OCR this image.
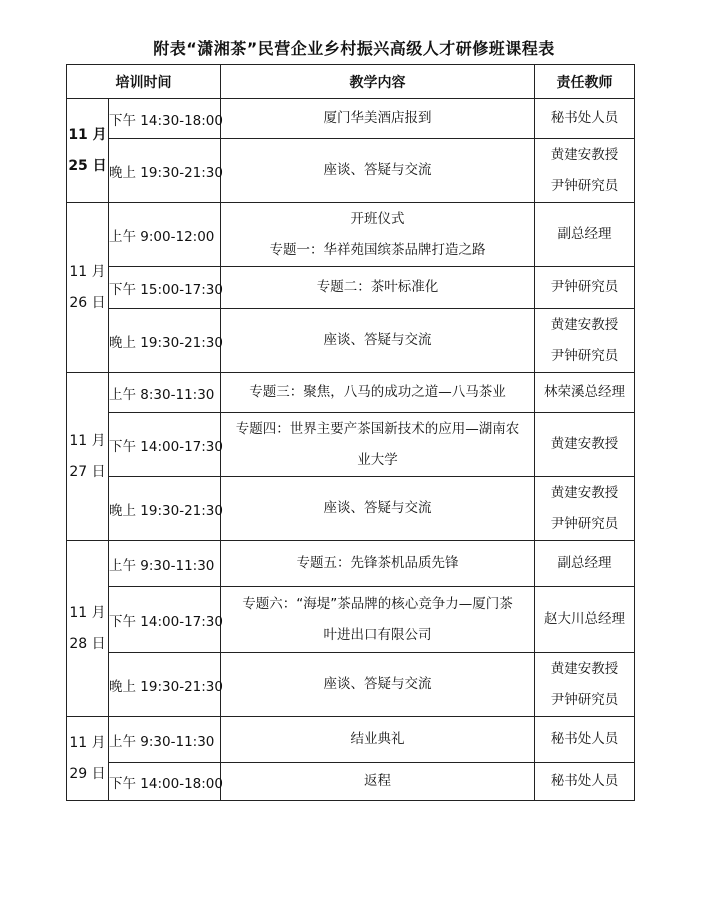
附表“潇湘茶”民营企业乡村振兴高级人才研修班课程表
培训时间		教学内容	责任教师

11 月
25 日	下午 14:30-18:00	厦门华美酒店报到	秘书处人员

	晚上 19:30-21:30	座谈、答疑与交流	黄建安教授
尹钟研究员

11 月
26 日	上午 9:00-12:00	开班仪式
专题一：华祥苑国缤茶品牌打造之路	副总经理

	下午 15:00-17:30	专题二：茶叶标准化	尹钟研究员

	晚上 19:30-21:30	座谈、答疑与交流	黄建安教授
尹钟研究员

11 月
27 日	上午 8:30-11:30	专题三：聚焦，八马的成功之道—八马茶业	林荣溪总经理

	下午 14:00-17:30	专题四：世界主要产茶国新技术的应用—湖南农
业大学	黄建安教授

	晚上 19:30-21:30	座谈、答疑与交流	黄建安教授
尹钟研究员

11 月
28 日	上午 9:30-11:30	专题五：先锋茶机品质先锋	副总经理

	下午 14:00-17:30	专题六：“海堤”茶品牌的核心竞争力—厦门茶
叶进出口有限公司	赵大川总经理

	晚上 19:30-21:30	座谈、答疑与交流	黄建安教授
尹钟研究员

11 月
29 日	上午 9:30-11:30	结业典礼	秘书处人员

	下午 14:00-18:00	返程	秘书处人员
